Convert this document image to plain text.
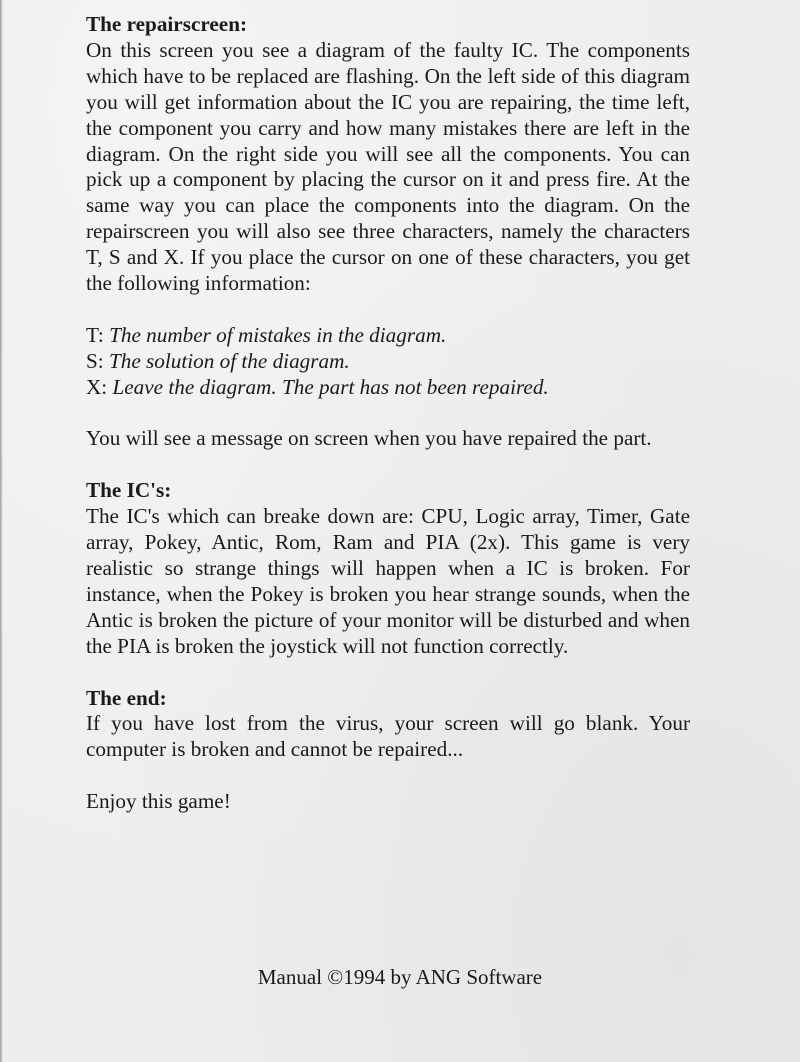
The repairscreen:

On this screen you see a diagram of the faulty IC. The components which have to be replaced are flashing. On the left side of this diagram you will get information about the IC you are repairing, the time left, the component you carry and how many mistakes there are left in the diagram. On the right side you will see all the components. You can pick up a component by placing the cursor on it and press fire. At the same way you can place the components into the diagram. On the repairscreen you will also see three characters, namely the characters T, S and X. If you place the cursor on one of these characters, you get the following information:

T: The number of mistakes in the diagram.
S: The solution of the diagram.
X: Leave the diagram. The part has not been repaired.

You will see a message on screen when you have repaired the part.

The IC's:

The IC's which can breake down are: CPU, Logic array, Timer, Gate array, Pokey, Antic, Rom, Ram and PIA (2x). This game is very realistic so strange things will happen when a IC is broken. For instance, when the Pokey is broken you hear strange sounds, when the Antic is broken the picture of your monitor will be disturbed and when the PIA is broken the joystick will not function correctly.

The end:

If you have lost from the virus, your screen will go blank. Your computer is broken and cannot be repaired...

Enjoy this game!

Manual ©1994 by ANG Software
